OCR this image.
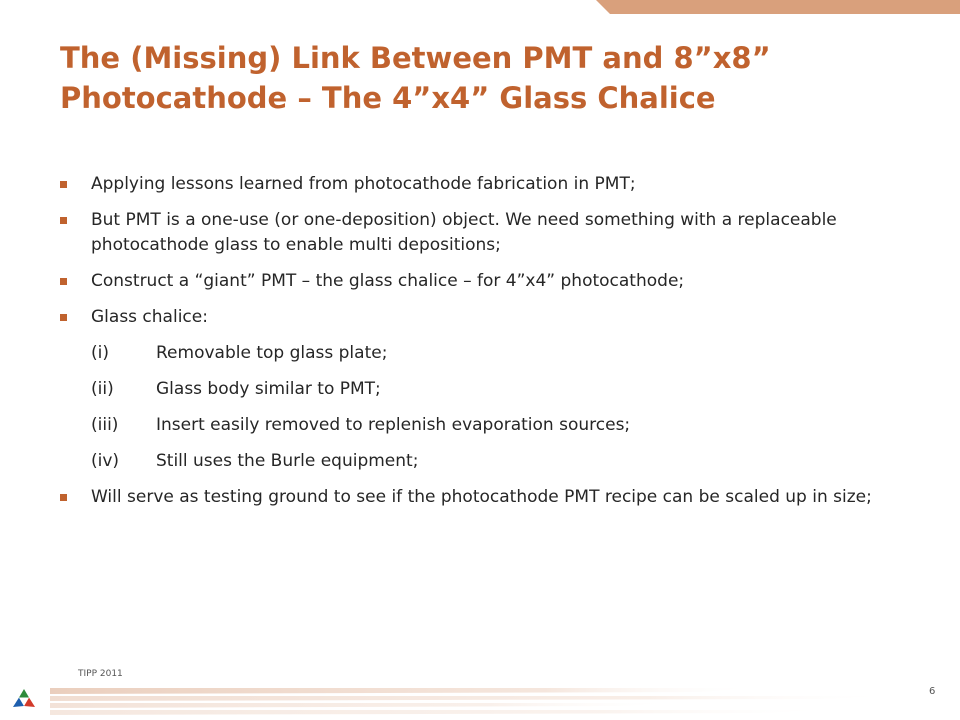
The (Missing) Link Between PMT and 8”x8”
Photocathode – The 4”x4” Glass Chalice
Applying lessons learned from photocathode fabrication in PMT;
But PMT is a one-use (or one-deposition) object. We need something with a replaceable photocathode glass to enable multi depositions;
Construct a “giant” PMT – the glass chalice – for 4”x4” photocathode;
Glass chalice:
(i)	Removable top glass plate;
(ii)	Glass body similar to PMT;
(iii)	Insert easily removed to replenish evaporation sources;
(iv)	Still uses the Burle equipment;
Will serve as testing ground to see if the photocathode PMT recipe can be scaled up in size;
TIPP 2011
6
